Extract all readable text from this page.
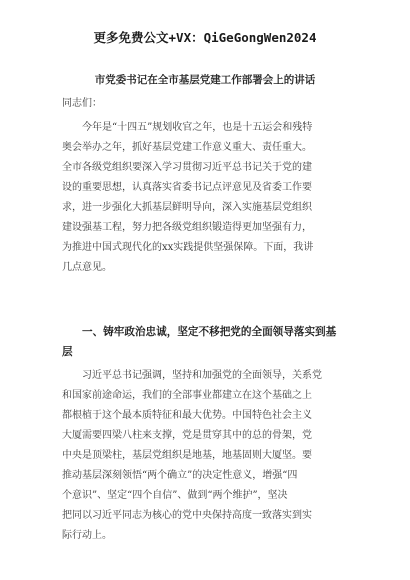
更多免费公文+VX：QiGeGongWen2024
市党委书记在全市基层党建工作部署会上的讲话
同志们：
今年是“十四五”规划收官之年，也是十五运会和残特
奥会举办之年，抓好基层党建工作意义重大、责任重大。
全市各级党组织要深入学习贯彻习近平总书记关于党的建
设的重要思想，认真落实省委书记点评意见及省委工作要
求，进一步强化大抓基层鲜明导向，深入实施基层党组织
建设强基工程，努力把各级党组织锻造得更加坚强有力，
为推进中国式现代化的xx实践提供坚强保障。下面，我讲
几点意见。
一、铸牢政治忠诚，坚定不移把党的全面领导落实到基
层
习近平总书记强调，坚持和加强党的全面领导，关系党
和国家前途命运，我们的全部事业都建立在这个基础之上
都根植于这个最本质特征和最大优势。中国特色社会主义
大厦需要四梁八柱来支撑，党是贯穿其中的总的骨架，党
中央是顶梁柱，基层党组织是地基，地基固则大厦坚。要
推动基层深刻领悟“两个确立”的决定性意义，增强“四
个意识”、坚定“四个自信”、做到“两个维护”，坚决
把同以习近平同志为核心的党中央保持高度一致落实到实
际行动上。
